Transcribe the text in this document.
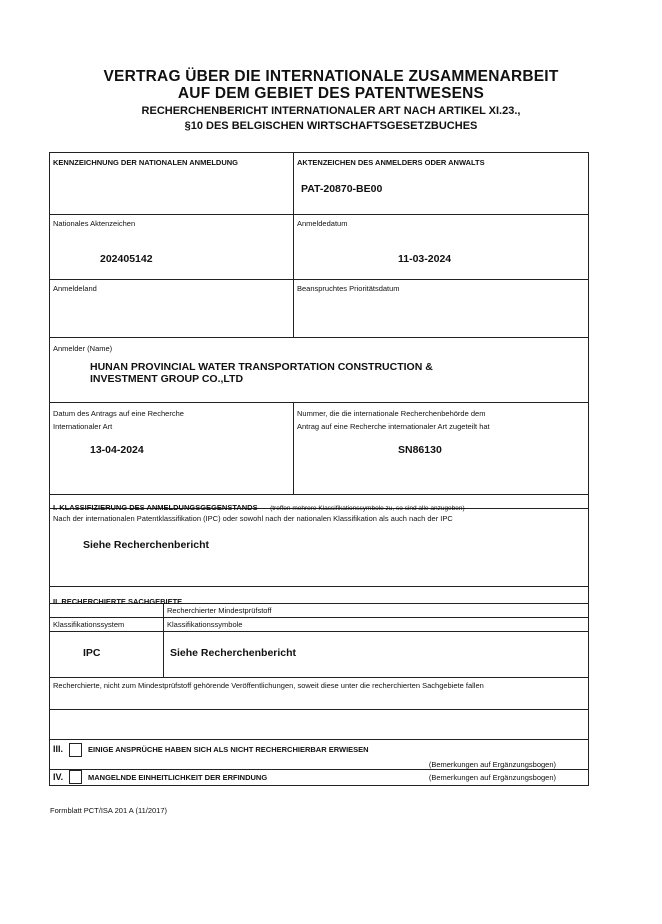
VERTRAG ÜBER DIE INTERNATIONALE ZUSAMMENARBEIT
AUF DEM GEBIET DES PATENTWESENS
RECHERCHENBERICHT INTERNATIONALER ART NACH ARTIKEL XI.23.,
§10 DES BELGISCHEN WIRTSCHAFTSGESETZBUCHES
KENNZEICHNUNG DER NATIONALEN ANMELDUNG	AKTENZEICHEN DES ANMELDERS ODER ANWALTS
PAT-20870-BE00
Nationales Aktenzeichen
202405142
Anmeldedatum
11-03-2024
Anmeldeland	Beanspruchtes Prioritätsdatum
Anmelder (Name)
HUNAN PROVINCIAL WATER TRANSPORTATION CONSTRUCTION &
INVESTMENT GROUP CO.,LTD
Datum des Antrags auf eine Recherche
Internationaler Art
13-04-2024
Nummer, die die internationale Recherchenbehörde dem
Antrag auf eine Recherche internationaler Art zugeteilt hat
SN86130
I. KLASSIFIZIERUNG DES ANMELDUNGSGEGENSTANDS (treffen mehrere Klassifikationssymbole zu, so sind alle anzugeben)
Nach der internationalen Patentklassifikation (IPC) oder sowohl nach der nationalen Klassifikation als auch nach der IPC
Siehe Recherchenbericht
II. RECHERCHIERTE SACHGEBIETE
Recherchierter Mindestprüfstoff
Klassifikationssystem	Klassifikationssymbole
IPC	Siehe Recherchenbericht
Recherchierte, nicht zum Mindestprüfstoff gehörende Veröffentlichungen, soweit diese unter die recherchierten Sachgebiete fallen
III.	EINIGE ANSPRÜCHE HABEN SICH ALS NICHT RECHERCHIERBAR ERWIESEN
(Bemerkungen auf Ergänzungsbogen)
IV.	MANGELNDE EINHEITLICHKEIT DER ERFINDUNG	(Bemerkungen auf Ergänzungsbogen)
Formblatt PCT/ISA 201 A (11/2017)
